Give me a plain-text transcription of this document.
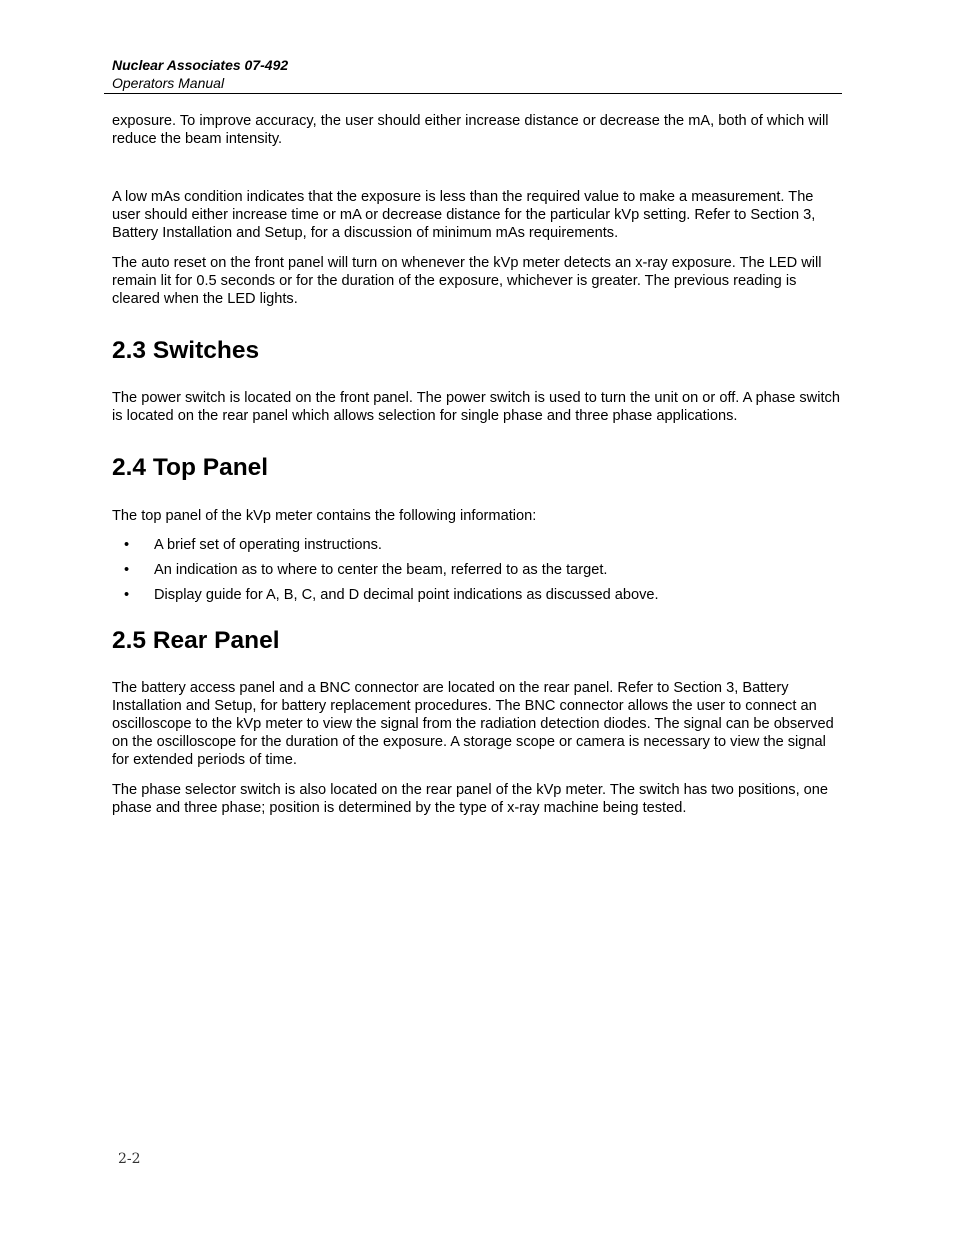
Nuclear Associates 07-492
Operators Manual

exposure. To improve accuracy, the user should either increase distance or decrease the mA, both of which will reduce the beam intensity.

A low mAs condition indicates that the exposure is less than the required value to make a measurement. The user should either increase time or mA or decrease distance for the particular kVp setting. Refer to Section 3, Battery Installation and Setup, for a discussion of minimum mAs requirements.

The auto reset on the front panel will turn on whenever the kVp meter detects an x-ray exposure. The LED will remain lit for 0.5 seconds or for the duration of the exposure, whichever is greater. The previous reading is cleared when the LED lights.

2.3 Switches

The power switch is located on the front panel. The power switch is used to turn the unit on or off. A phase switch is located on the rear panel which allows selection for single phase and three phase applications.

2.4 Top Panel

The top panel of the kVp meter contains the following information:

• A brief set of operating instructions.
• An indication as to where to center the beam, referred to as the target.
• Display guide for A, B, C, and D decimal point indications as discussed above.
2.5 Rear Panel

The battery access panel and a BNC connector are located on the rear panel. Refer to Section 3, Battery Installation and Setup, for battery replacement procedures. The BNC connector allows the user to connect an oscilloscope to the kVp meter to view the signal from the radiation detection diodes. The signal can be observed on the oscilloscope for the duration of the exposure. A storage scope or camera is necessary to view the signal for extended periods of time.

The phase selector switch is also located on the rear panel of the kVp meter. The switch has two positions, one phase and three phase; position is determined by the type of x-ray machine being tested.

2-2
